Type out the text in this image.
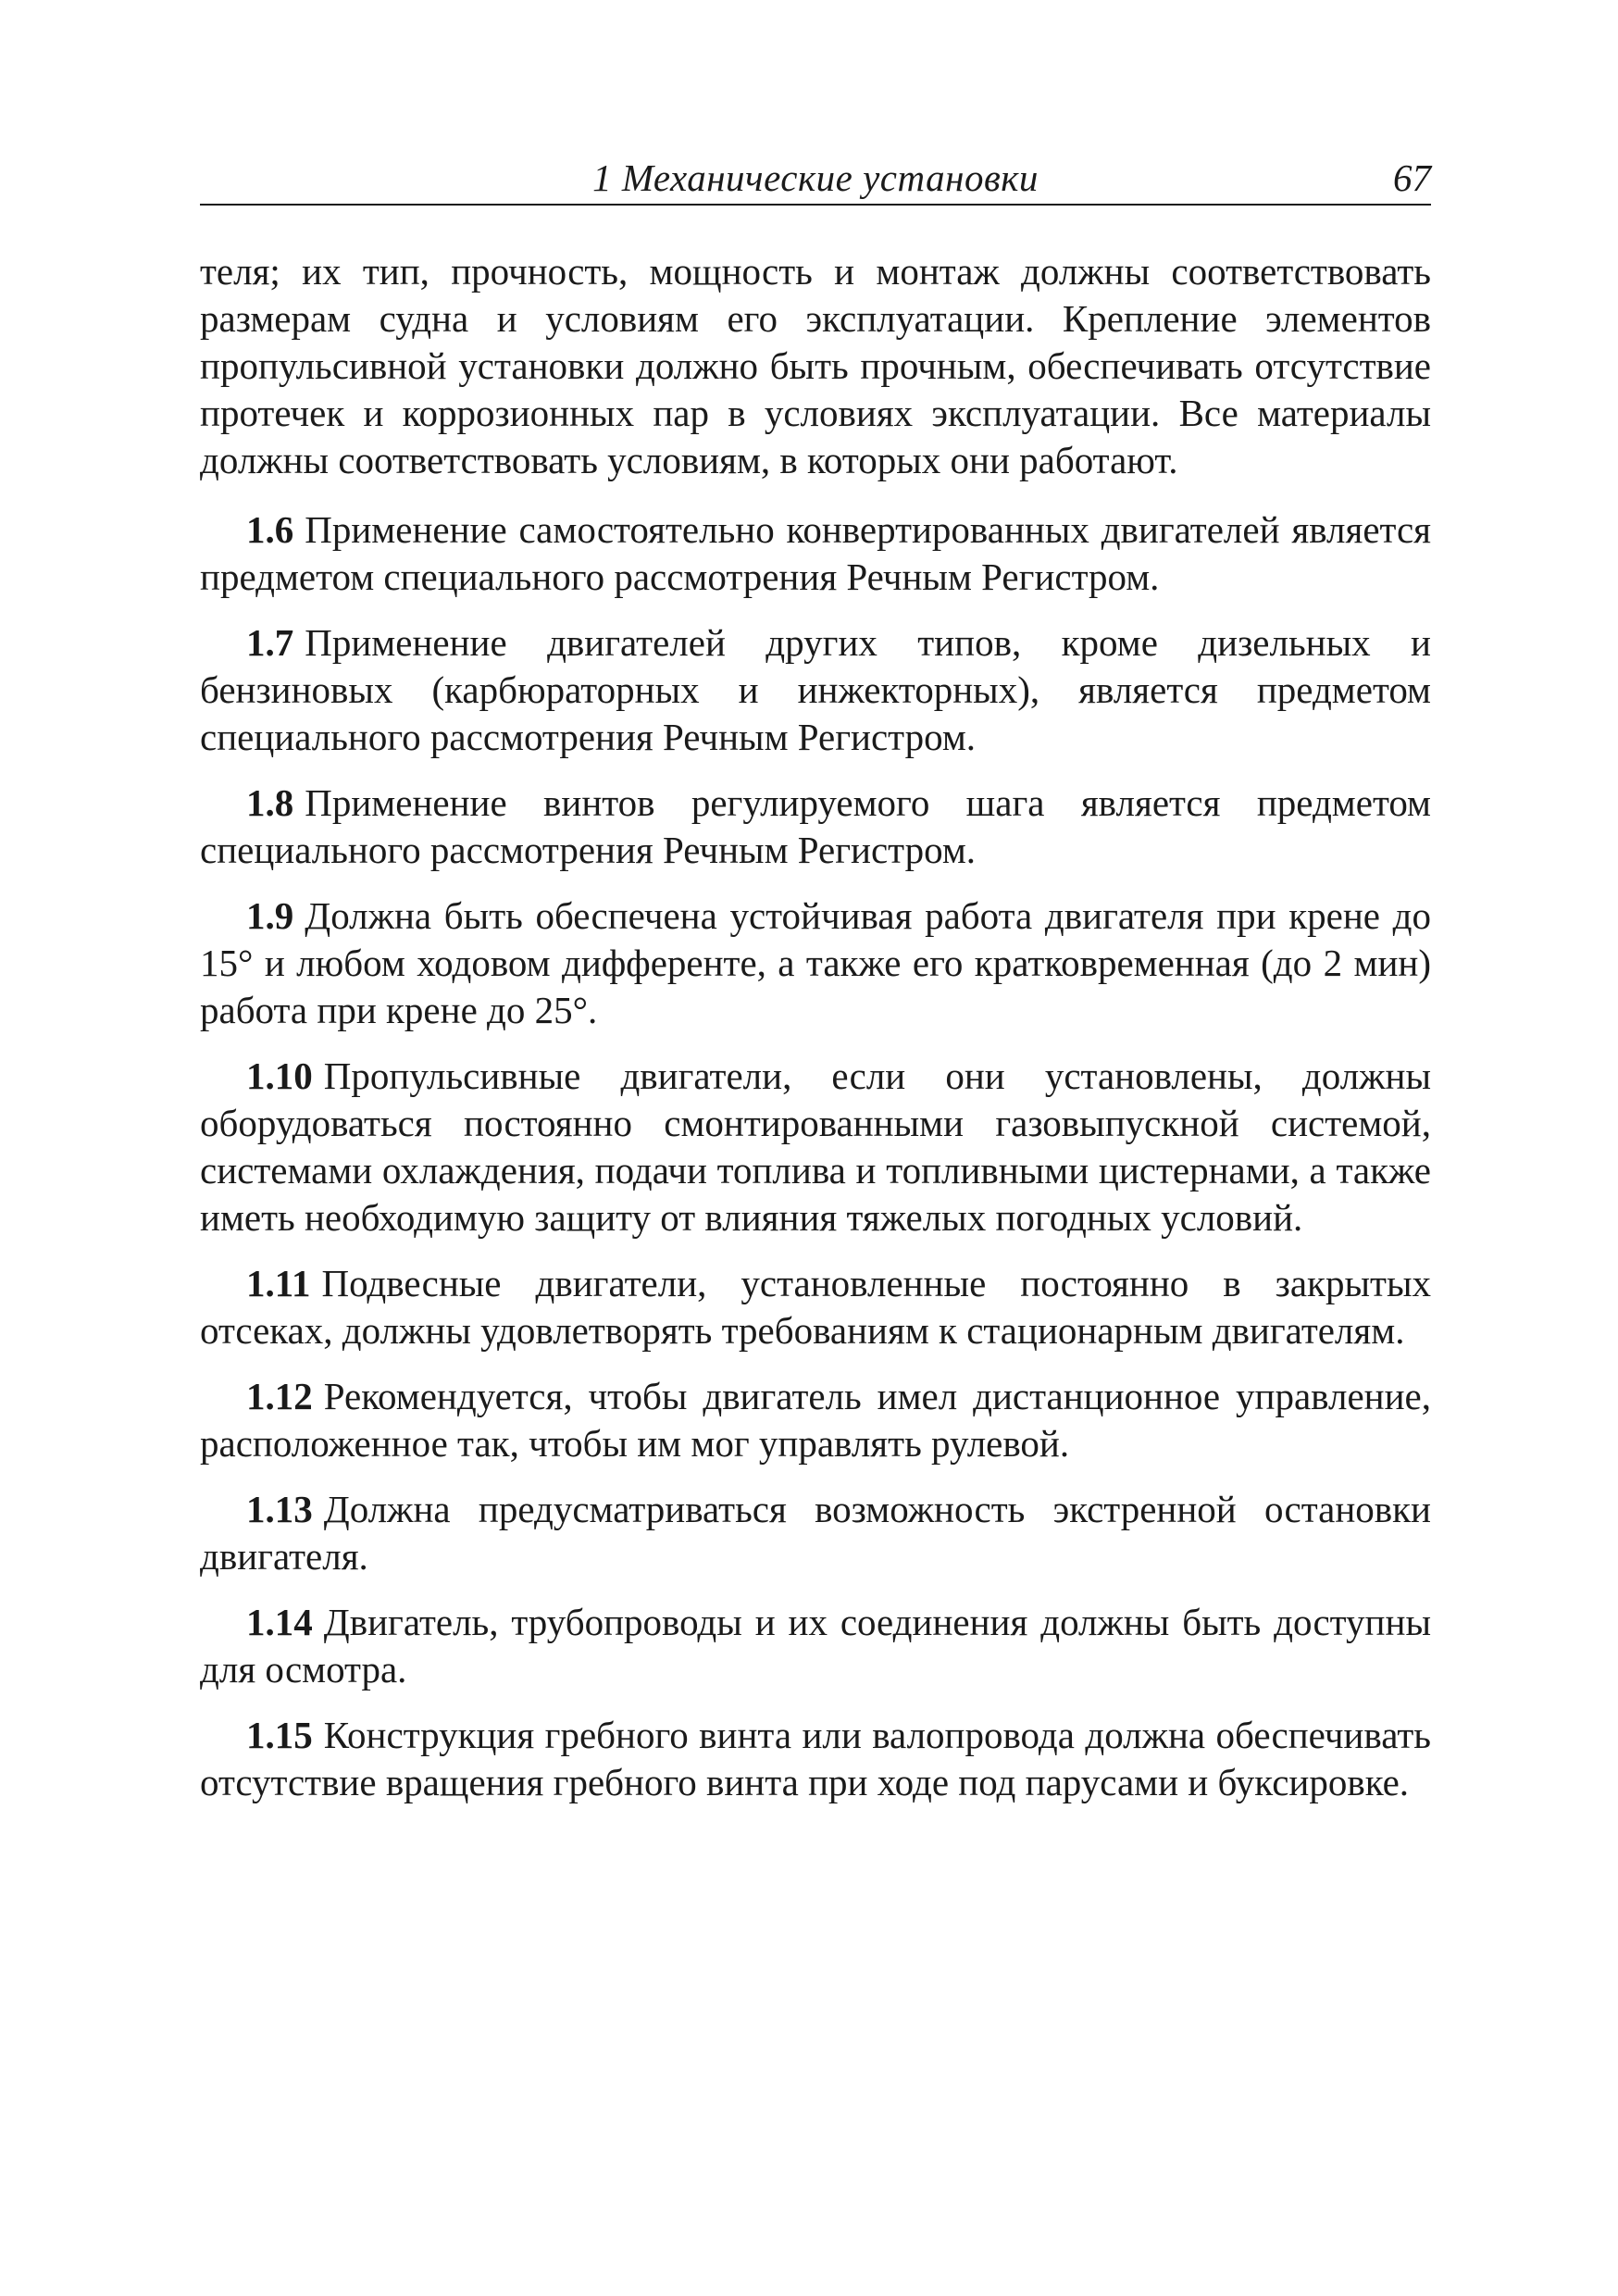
1 Механические установки	67

теля; их тип, прочность, мощность и монтаж должны соответствовать размерам судна и условиям его эксплуатации. Крепление элементов пропульсивной установки должно быть прочным, обеспечивать отсутствие протечек и коррозионных пар в условиях эксплуатации. Все материалы должны соответствовать условиям, в которых они работают.

1.6 Применение самостоятельно конвертированных двигателей является предметом специального рассмотрения Речным Регистром.

1.7 Применение двигателей других типов, кроме дизельных и бензиновых (карбюраторных и инжекторных), является предметом специального рассмотрения Речным Регистром.

1.8 Применение винтов регулируемого шага является предметом специального рассмотрения Речным Регистром.

1.9 Должна быть обеспечена устойчивая работа двигателя при крене до 15° и любом ходовом дифференте, а также его кратковременная (до 2 мин) работа при крене до 25°.

1.10 Пропульсивные двигатели, если они установлены, должны оборудоваться постоянно смонтированными газовыпускной системой, системами охлаждения, подачи топлива и топливными цистернами, а также иметь необходимую защиту от влияния тяжелых погодных условий.

1.11 Подвесные двигатели, установленные постоянно в закрытых отсеках, должны удовлетворять требованиям к стационарным двигателям.

1.12 Рекомендуется, чтобы двигатель имел дистанционное управление, расположенное так, чтобы им мог управлять рулевой.

1.13 Должна предусматриваться возможность экстренной остановки двигателя.

1.14 Двигатель, трубопроводы и их соединения должны быть доступны для осмотра.

1.15 Конструкция гребного винта или валопровода должна обеспечивать отсутствие вращения гребного винта при ходе под парусами и буксировке.
